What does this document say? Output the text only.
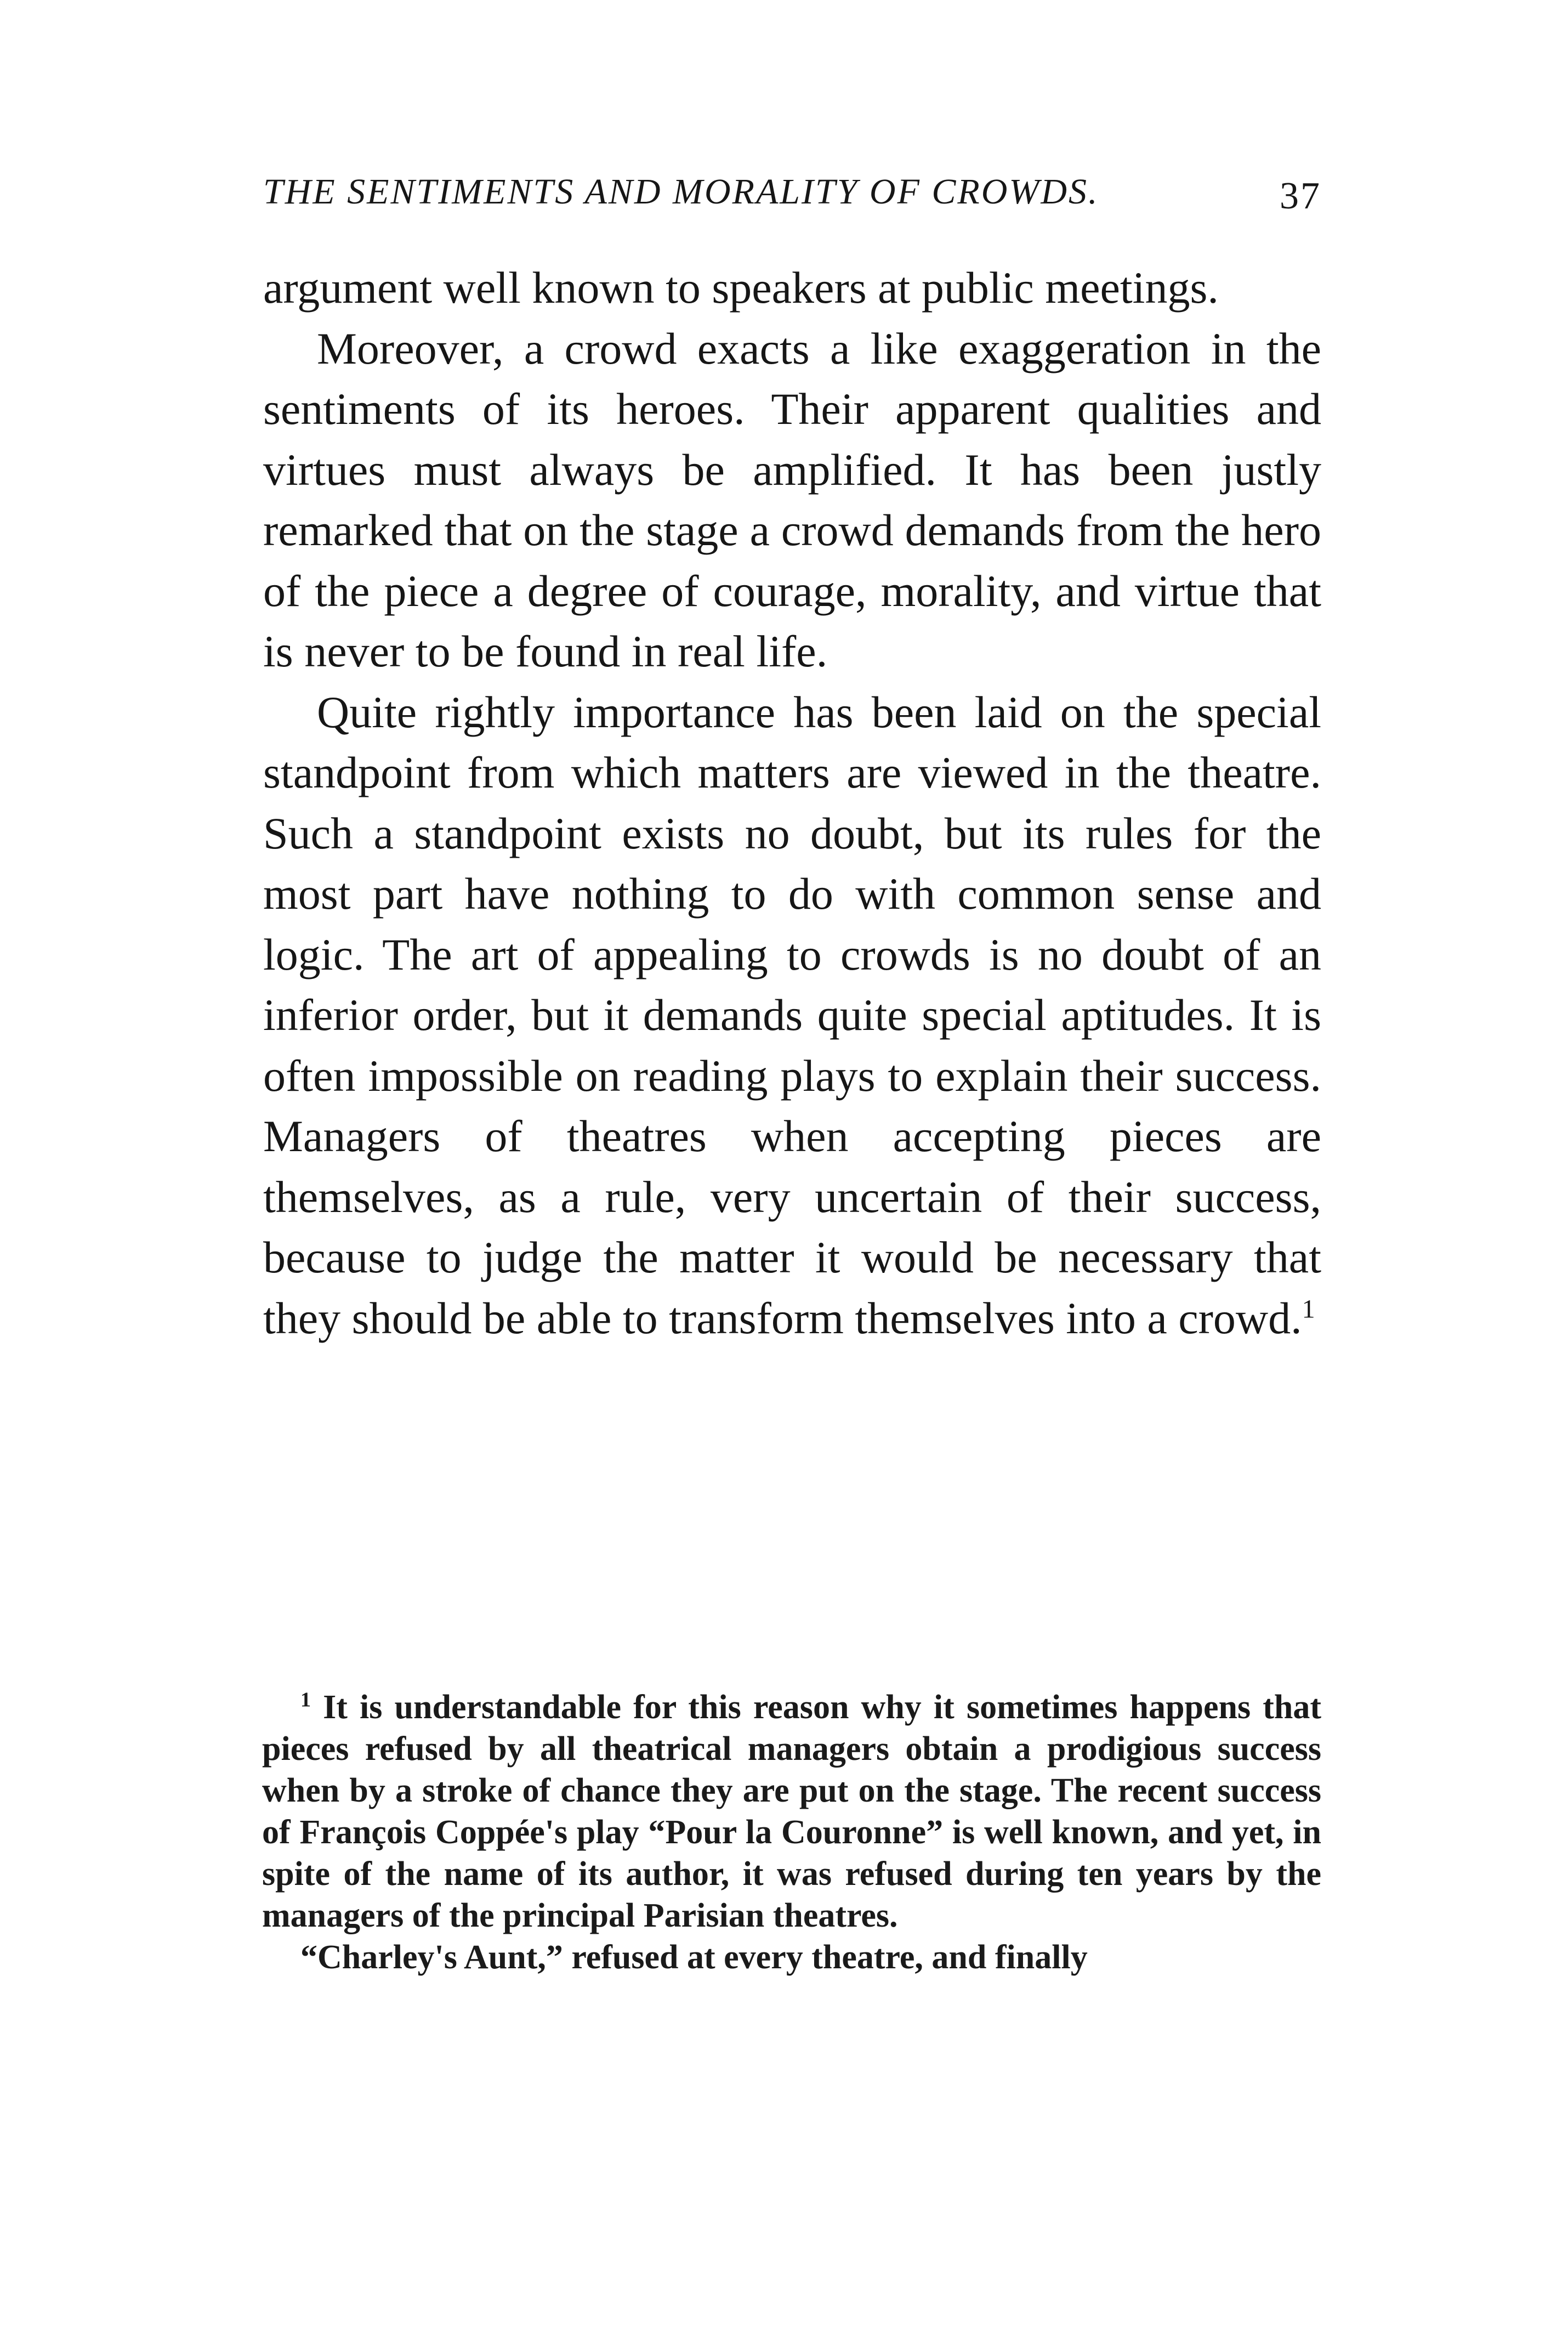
THE SENTIMENTS AND MORALITY OF CROWDS.	37

argument well known to speakers at public meetings.

Moreover, a crowd exacts a like exaggeration in the sentiments of its heroes. Their apparent qualities and virtues must always be amplified. It has been justly remarked that on the stage a crowd demands from the hero of the piece a degree of courage, morality, and virtue that is never to be found in real life.

Quite rightly importance has been laid on the special standpoint from which matters are viewed in the theatre. Such a standpoint exists no doubt, but its rules for the most part have nothing to do with common sense and logic. The art of appealing to crowds is no doubt of an inferior order, but it demands quite special aptitudes. It is often impossible on reading plays to explain their success. Managers of theatres when accepting pieces are themselves, as a rule, very uncertain of their success, because to judge the matter it would be necessary that they should be able to transform themselves into a crowd.$^1$

$^1$ It is understandable for this reason why it sometimes happens that pieces refused by all theatrical managers obtain a prodigious success when by a stroke of chance they are put on the stage. The recent success of François Coppée's play “Pour la Couronne” is well known, and yet, in spite of the name of its author, it was refused during ten years by the managers of the principal Parisian theatres.

“Charley's Aunt,” refused at every theatre, and finally
